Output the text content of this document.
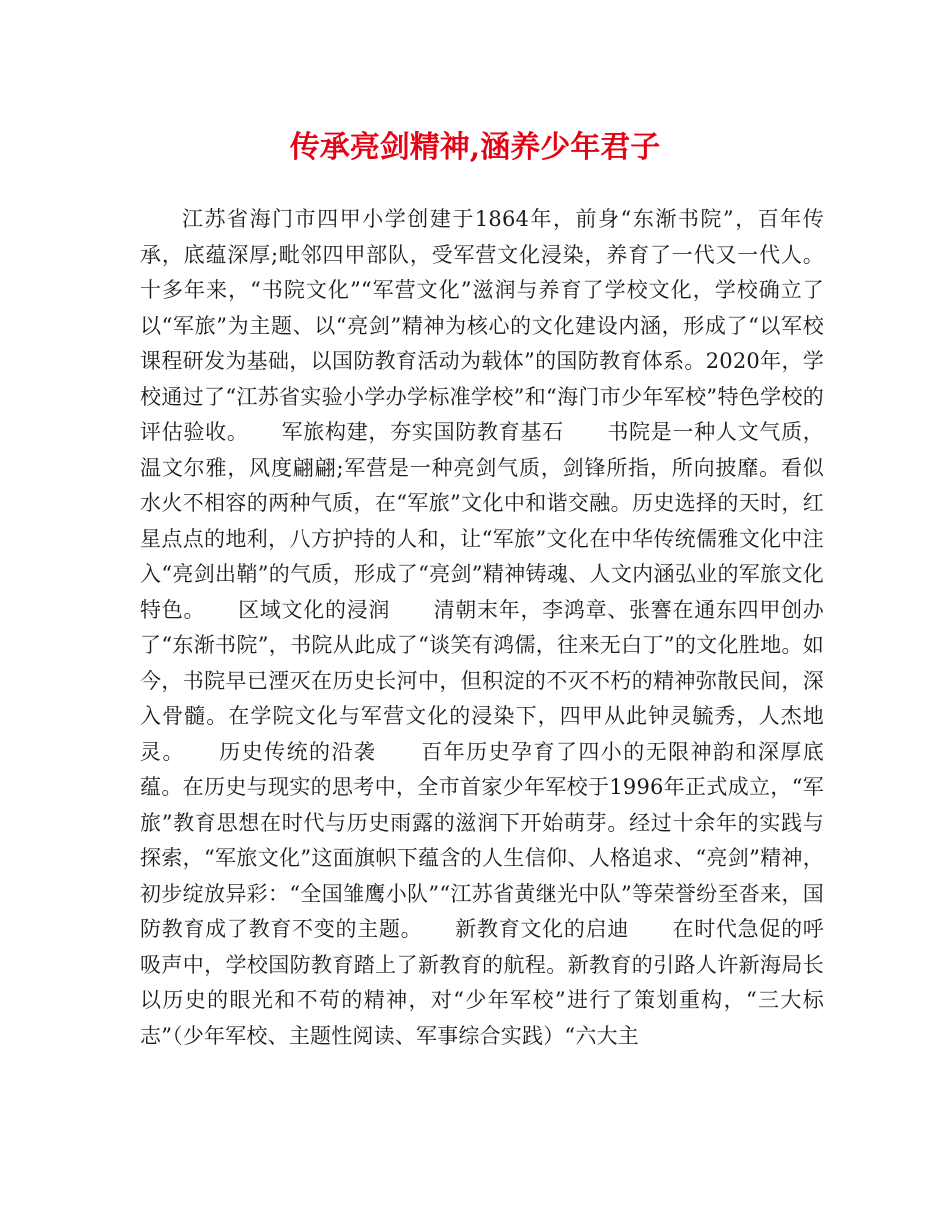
传承亮剑精神,涵养少年君子

江苏省海门市四甲小学创建于1864年，前身“东渐书院”，百年传承，底蕴深厚;毗邻四甲部队，受军营文化浸染，养育了一代又一代人。十多年来，“书院文化”“军营文化”滋润与养育了学校文化，学校确立了以“军旅”为主题、以“亮剑”精神为核心的文化建设内涵，形成了“以军校课程研发为基础，以国防教育活动为载体”的国防教育体系。2020年，学校通过了“江苏省实验小学办学标准学校”和“海门市少年军校”特色学校的评估验收。　　军旅构建，夯实国防教育基石　　书院是一种人文气质，温文尔雅，风度翩翩;军营是一种亮剑气质，剑锋所指，所向披靡。看似水火不相容的两种气质，在“军旅”文化中和谐交融。历史选择的天时，红星点点的地利，八方护持的人和，让“军旅”文化在中华传统儒雅文化中注入“亮剑出鞘”的气质，形成了“亮剑”精神铸魂、人文内涵弘业的军旅文化特色。　　区域文化的浸润　　清朝末年，李鸿章、张謇在通东四甲创办了“东渐书院”，书院从此成了“谈笑有鸿儒，往来无白丁”的文化胜地。如今，书院早已湮灭在历史长河中，但积淀的不灭不朽的精神弥散民间，深入骨髓。在学院文化与军营文化的浸染下，四甲从此钟灵毓秀，人杰地灵。　　历史传统的沿袭　　百年历史孕育了四小的无限神韵和深厚底蕴。在历史与现实的思考中，全市首家少年军校于1996年正式成立，“军旅”教育思想在时代与历史雨露的滋润下开始萌芽。经过十余年的实践与探索，“军旅文化”这面旗帜下蕴含的人生信仰、人格追求、“亮剑”精神，初步绽放异彩：“全国雏鹰小队”“江苏省黄继光中队”等荣誉纷至沓来，国防教育成了教育不变的主题。　　新教育文化的启迪　　在时代急促的呼吸声中，学校国防教育踏上了新教育的航程。新教育的引路人许新海局长以历史的眼光和不苟的精神，对“少年军校”进行了策划重构，“三大标志”（少年军校、主题性阅读、军事综合实践）“六大主
